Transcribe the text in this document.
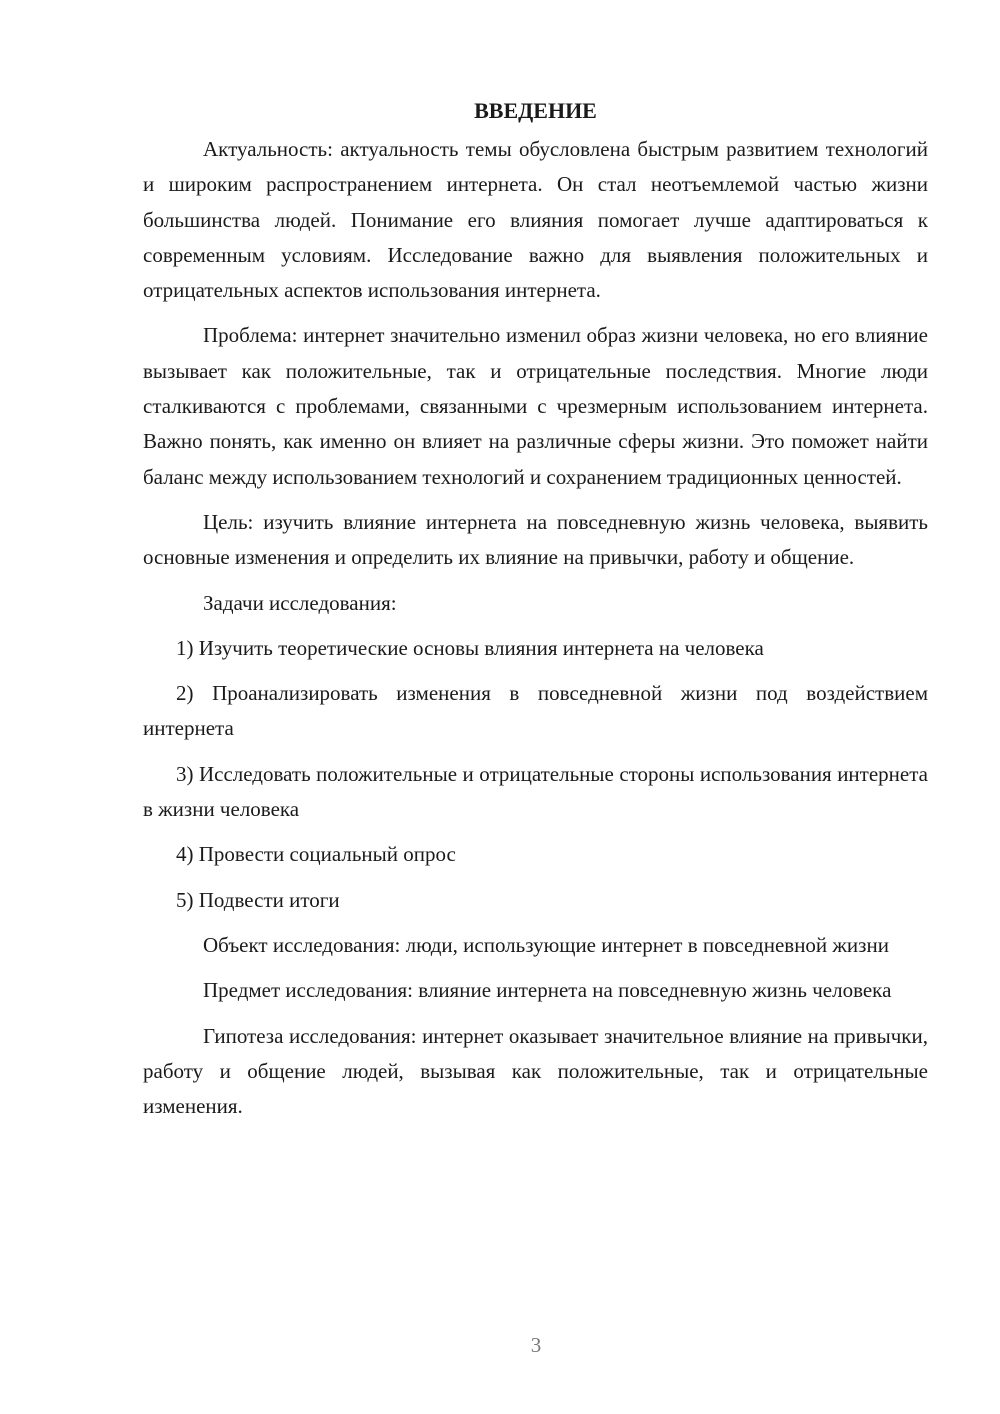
ВВЕДЕНИЕ

Актуальность: актуальность темы обусловлена быстрым развитием технологий и широким распространением интернета. Он стал неотъемлемой частью жизни большинства людей. Понимание его влияния помогает лучше адаптироваться к современным условиям. Исследование важно для выявления положительных и отрицательных аспектов использования интернета.

Проблема: интернет значительно изменил образ жизни человека, но его влияние вызывает как положительные, так и отрицательные последствия. Многие люди сталкиваются с проблемами, связанными с чрезмерным использованием интернета. Важно понять, как именно он влияет на различные сферы жизни. Это поможет найти баланс между использованием технологий и сохранением традиционных ценностей.

Цель: изучить влияние интернета на повседневную жизнь человека, выявить основные изменения и определить их влияние на привычки, работу и общение.

Задачи исследования:

1) Изучить теоретические основы влияния интернета на человека

2) Проанализировать изменения в повседневной жизни под воздействием интернета

3) Исследовать положительные и отрицательные стороны использования интернета в жизни человека

4) Провести социальный опрос

5) Подвести итоги

Объект исследования: люди, использующие интернет в повседневной жизни

Предмет исследования: влияние интернета на повседневную жизнь человека

Гипотеза исследования: интернет оказывает значительное влияние на привычки, работу и общение людей, вызывая как положительные, так и отрицательные изменения.

3
